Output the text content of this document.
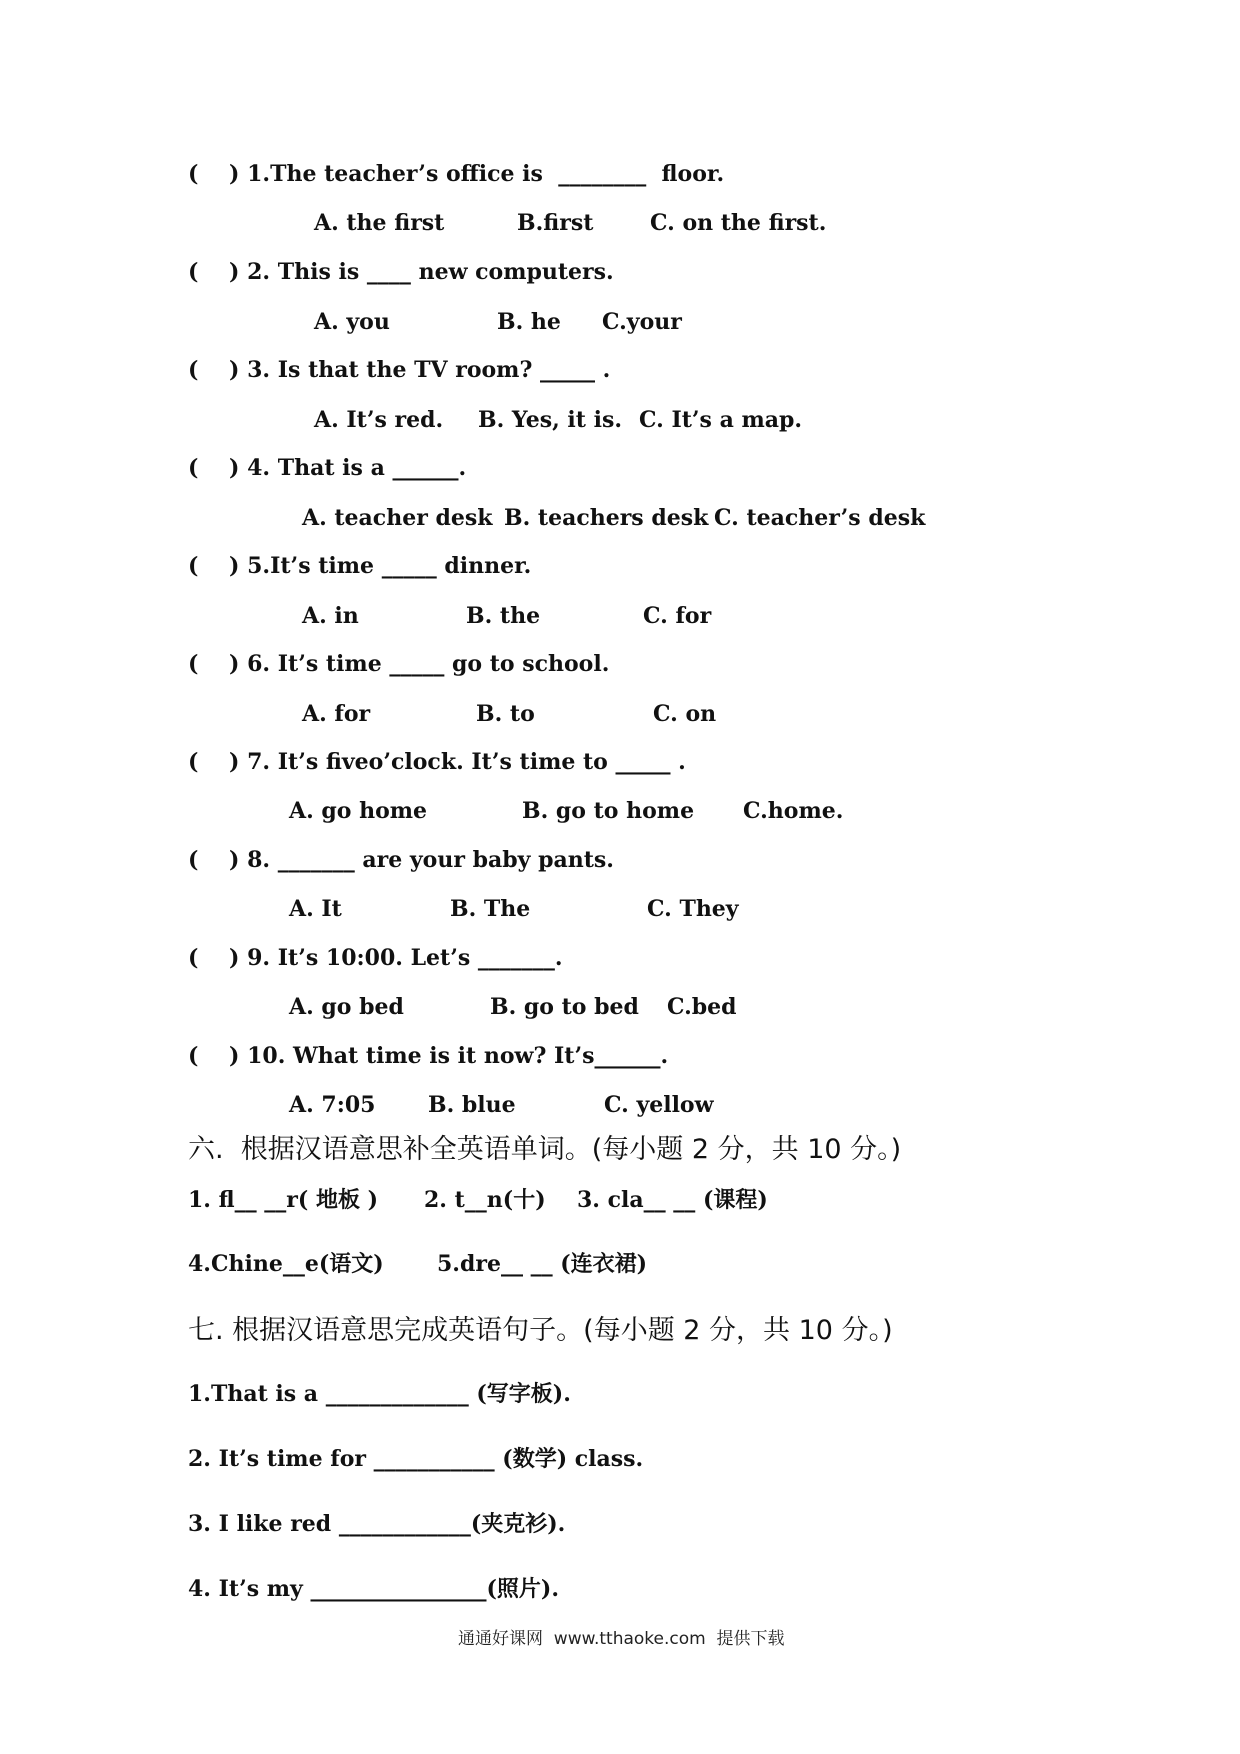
(    ) 1.The teacher’s office is  ________  floor.
A. the first	B.first	C. on the first.
(    ) 2. This is ____ new computers.
A. you	B. he C.your
(    ) 3. Is that the TV room? _____ .
A. It’s red. B. Yes, it is. C. It’s a map.
(    ) 4. That is a ______.
A. teacher desk B. teachers desk C. teacher’s desk
(    ) 5.It’s time _____ dinner.
A. in	B. the	C. for
(    ) 6. It’s time _____ go to school.
A. for	B. to	C. on
(    ) 7. It’s fiveo’clock. It’s time to _____ .
A. go home	B. go to home C.home.
(    ) 8. _______ are your baby pants.
A. It	B. The	C. They
(    ) 9. It’s 10:00. Let’s _______.
A. go bed	B. go to bed C.bed
(    ) 10. What time is it now? It’s______.
A. 7:05 B. blue	C. yellow
六.  根据汉语意思补全英语单词。(每小题 2 分，共 10 分。)
1. fl__ __r( 地板 ) 2. t__n(十) 3. cla__ __ (课程)
4.Chine__e(语文) 5.dre__ __ (连衣裙)
七. 根据汉语意思完成英语句子。(每小题 2 分，共 10 分。)
1.That is a _____________ (写字板).
2. It’s time for ___________ (数学) class.
3. I like red ____________(夹克衫).
4. It’s my ________________(照片).
通通好课网  www.tthaoke.com  提供下载
